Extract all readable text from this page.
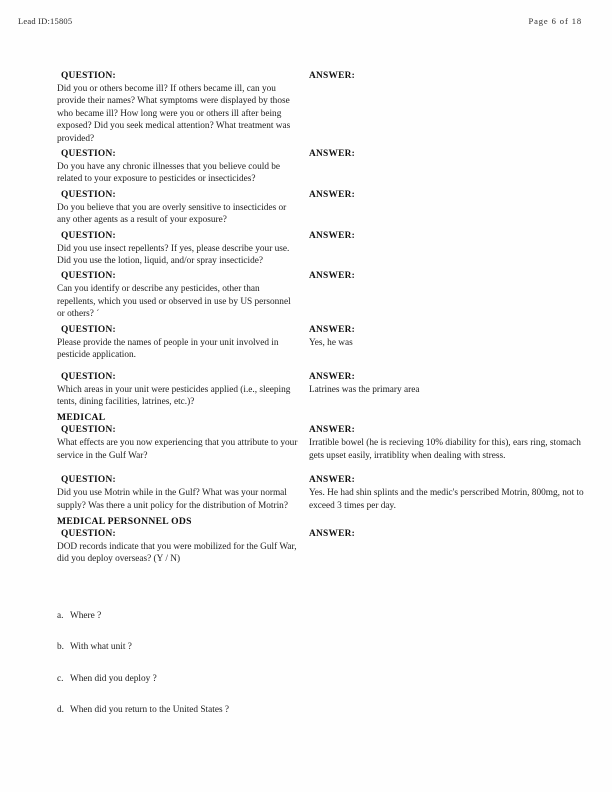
Lead ID:15805	Page 6 of 18

QUESTION:

Did you or others become ill? If others became ill, can you provide their names? What symptoms were displayed by those who became ill? How long were you or others ill after being exposed? Did you seek medical attention? What treatment was provided?

ANSWER:

QUESTION:

Do you have any chronic illnesses that you believe could be related to your exposure to pesticides or insecticides?

ANSWER:

QUESTION:

Do you believe that you are overly sensitive to insecticides or any other agents as a result of your exposure?

ANSWER:

QUESTION:

Did you use insect repellents? If yes, please describe your use. Did you use the lotion, liquid, and/or spray insecticide?

ANSWER:

QUESTION:

Can you identify or describe any pesticides, other than repellents, which you used or observed in use by US personnel or others? ´

ANSWER:

QUESTION:

Please provide the names of people in your unit involved in pesticide application.

ANSWER:

Yes, he was

QUESTION:

Which areas in your unit were pesticides applied (i.e., sleeping tents, dining facilities, latrines, etc.)?

ANSWER:

Latrines was the primary area

MEDICAL

QUESTION:

What effects are you now experiencing that you attribute to your service in the Gulf War?

ANSWER:

Irratible bowel (he is recieving 10% diability for this), ears ring, stomach gets upset easily, irratiblity when dealing with stress.

QUESTION:

Did you use Motrin while in the Gulf? What was your normal supply? Was there a unit policy for the distribution of Motrin?

ANSWER:

Yes. He had shin splints and the medic's perscribed Motrin, 800mg, not to exceed 3 times per day.

MEDICAL PERSONNEL ODS

QUESTION:

DOD records indicate that you were mobilized for the Gulf War, did you deploy overseas? (Y / N)

ANSWER:

a. Where ?
b. With what unit ?
c. When did you deploy ?
d. When did you return to the United States ?
